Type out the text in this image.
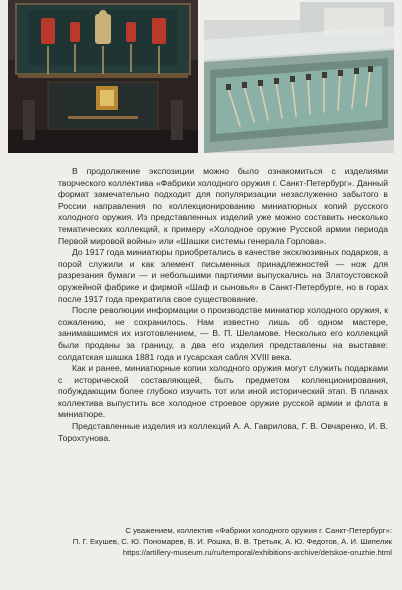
В продолжение экспозиции можно было ознакомиться с изделиями творческого коллектива «Фабрики холодного оружия г. Санкт-Петербург». Данный формат замечательно подходит для популяризации незаслуженно забытого в России направления по коллекционированию миниатюрных копий русского холодного оружия. Из представленных изделий уже можно составить несколько тематических коллекций, к примеру «Холодное оружие Русской армии периода Первой мировой войны» или «Шашки системы генерала Горлова».

До 1917 года миниатюры приобретались в качестве эксклюзивных подарков, а порой служили и как элемент письменных принадлежностей — нож для разрезания бумаги — и небольшими партиями выпускались на Златоустовской оружейной фабрике и фирмой «Шаф и сыновья» в Санкт-Петербурге, но в горах после 1917 года прекратила свое существование.

После революции информации о производстве миниатюр холодного оружия, к сожалению, не сохранилось. Нам известно лишь об одном мастере, занимавшимся их изготовлением, — В. П. Шеламове. Несколько его коллекций были проданы за границу, а два его изделия представлены на выставке: солдатская шашка 1881 года и гусарская сабля XVIII века.

Как и ранее, миниатюрные копии холодного оружия могут служить подарками с исторической составляющей, быть предметом коллекционирования, побуждающим более глубоко изучить тот или иной исторический этап. В планах коллектива выпустить все холодное строевое оружие русской армии и флота в миниатюре.

Представленные изделия из коллекций А. А. Гаврилова, Г. В. Овчаренко, И. В. Торохтунова.

С уважением, коллектив «Фабрики холодного оружия г. Санкт-Петербург»:
П. Г. Екушев, С. Ю. Пономарев, В. И. Рошка, В. В. Третьяк, А. Ю. Федотов, А. И. Шипелик
https://artillery-museum.ru/ru/temporal/exhibitions-archive/detskoe-oruzhie.html
